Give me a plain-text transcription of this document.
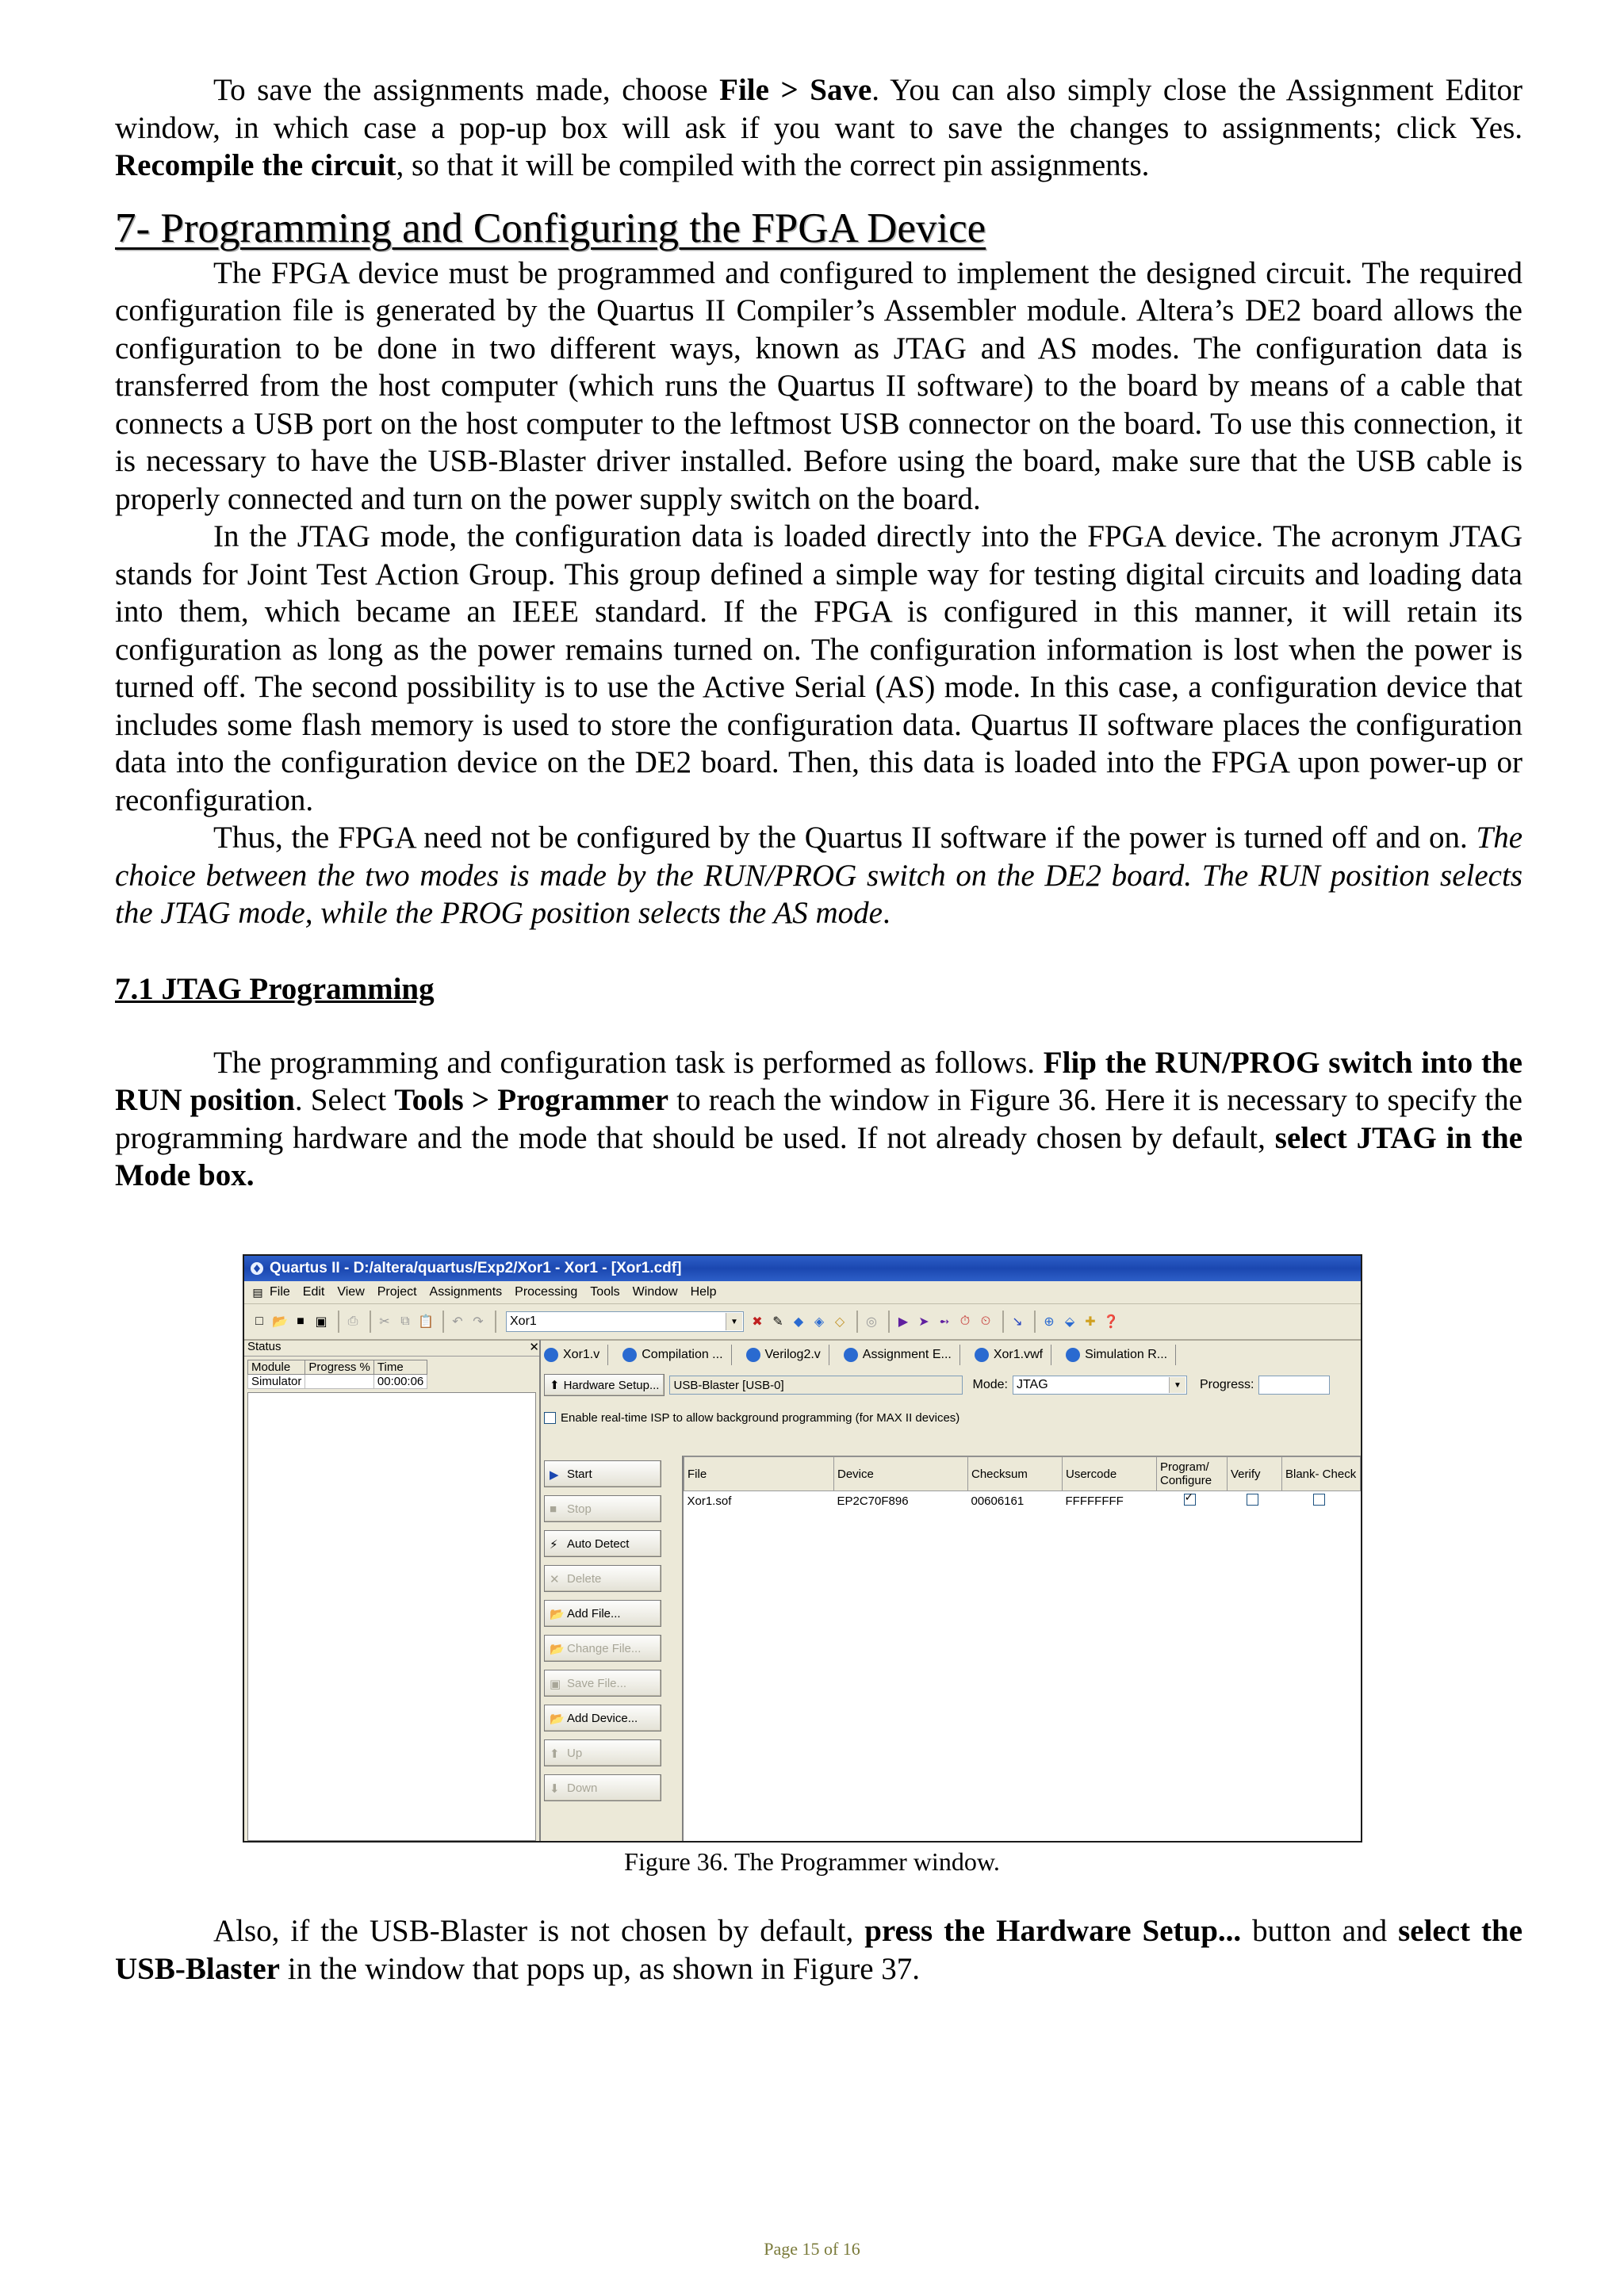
To save the assignments made, choose File > Save. You can also simply close the Assignment Editor window, in which case a pop-up box will ask if you want to save the changes to assignments; click Yes. Recompile the circuit, so that it will be compiled with the correct pin assignments.

7- Programming and Configuring the FPGA Device

The FPGA device must be programmed and configured to implement the designed circuit. The required configuration file is generated by the Quartus II Compiler’s Assembler module. Altera’s DE2 board allows the configuration to be done in two different ways, known as JTAG and AS modes. The configuration data is transferred from the host computer (which runs the Quartus II software) to the board by means of a cable that connects a USB port on the host computer to the leftmost USB connector on the board. To use this connection, it is necessary to have the USB-Blaster driver installed. Before using the board, make sure that the USB cable is properly connected and turn on the power supply switch on the board.

In the JTAG mode, the configuration data is loaded directly into the FPGA device. The acronym JTAG stands for Joint Test Action Group. This group defined a simple way for testing digital circuits and loading data into them, which became an IEEE standard. If the FPGA is configured in this manner, it will retain its configuration as long as the power remains turned on. The configuration information is lost when the power is turned off. The second possibility is to use the Active Serial (AS) mode. In this case, a configuration device that includes some flash memory is used to store the configuration data. Quartus II software places the configuration data into the configuration device on the DE2 board. Then, this data is loaded into the FPGA upon power-up or reconfiguration.

Thus, the FPGA need not be configured by the Quartus II software if the power is turned off and on. The choice between the two modes is made by the RUN/PROG switch on the DE2 board. The RUN position selects the JTAG mode, while the PROG position selects the AS mode.

7.1 JTAG Programming

The programming and configuration task is performed as follows. Flip the RUN/PROG switch into the RUN position. Select Tools > Programmer to reach the window in Figure 36. Here it is necessary to specify the programming hardware and the mode that should be used. If not already chosen by default, select JTAG in the Mode box.

Quartus II - D:/altera/quartus/Exp2/Xor1 - Xor1 - [Xor1.cdf]
▤ File Edit View Project Assignments Processing Tools Window Help
□ 📂 ■ ▣ ⎙ ✂ ⧉ 📋 ↶ ↷ Xor1	▼	✖ ✎ ◆ ◈ ◇	◎	▶ ➤ ➻ ⏱ ⏲ ↘ ⊕ ⬙ ✚ ❓
Status	✕
Module	Progress %	Time
Simulator	100 %	00:00:06
Xor1.v	Compilation ...	Verilog2.v	Assignment E...	Xor1.vwf	Simulation R...
⬆ Hardware Setup...	USB-Blaster [USB-0]	Mode: JTAG	▼	Progress:
Enable real-time ISP to allow background programming (for MAX II devices)
▶ Start
■ Stop
⚡ Auto Detect
✕ Delete
📂 Add File...
📂 Change File...
▣ Save File...
📂 Add Device...
⬆ Up
⬇ Down
File	Device	Checksum	Usercode	Program/ Configure	Verify	Blank- Check
Xor1.sof	EP2C70F896	00606161	FFFFFFFF	✓		
Figure 36. The Programmer window.

Also, if the USB-Blaster is not chosen by default, press the Hardware Setup... button and select the USB-Blaster in the window that pops up, as shown in Figure 37.

Page 15 of 16
